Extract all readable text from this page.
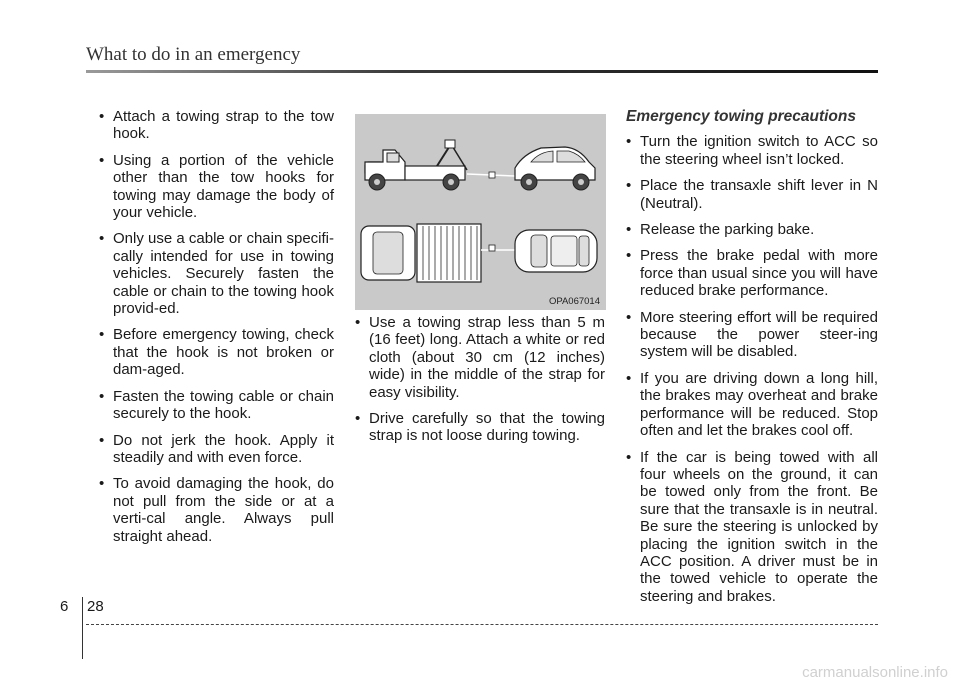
What to do in an emergency
• Attach a towing strap to the tow hook.
• Using a portion of the vehicle other than the tow hooks for towing may damage the body of your vehicle.
• Only use a cable or chain specifi-cally intended for use in towing vehicles. Securely fasten the cable or chain to the towing hook provid-ed.
• Before emergency towing, check that the hook is not broken or dam-aged.
• Fasten the towing cable or chain securely to the hook.
• Do not jerk the hook. Apply it steadily and with even force.
• To avoid damaging the hook, do not pull from the side or at a verti-cal angle. Always pull straight ahead.
OPA067014
• Use a towing strap less than 5 m (16 feet) long. Attach a white or red cloth (about 30 cm (12 inches) wide) in the middle of the strap for easy visibility.
• Drive carefully so that the towing strap is not loose during towing.
Emergency towing precautions
• Turn the ignition switch to ACC so the steering wheel isn’t locked.
• Place the transaxle shift lever in N (Neutral).
• Release the parking bake.
• Press the brake pedal with more force than usual since you will have reduced brake performance.
• More steering effort will be required because the power steer-ing system will be disabled.
• If you are driving down a long hill, the brakes may overheat and brake performance will be reduced. Stop often and let the brakes cool off.
• If the car is being towed with all four wheels on the ground, it can be towed only from the front. Be sure that the transaxle is in neutral. Be sure the steering is unlocked by placing the ignition switch in the ACC position. A driver must be in the towed vehicle to operate the steering and brakes.
6 28
carmanualsonline.info
